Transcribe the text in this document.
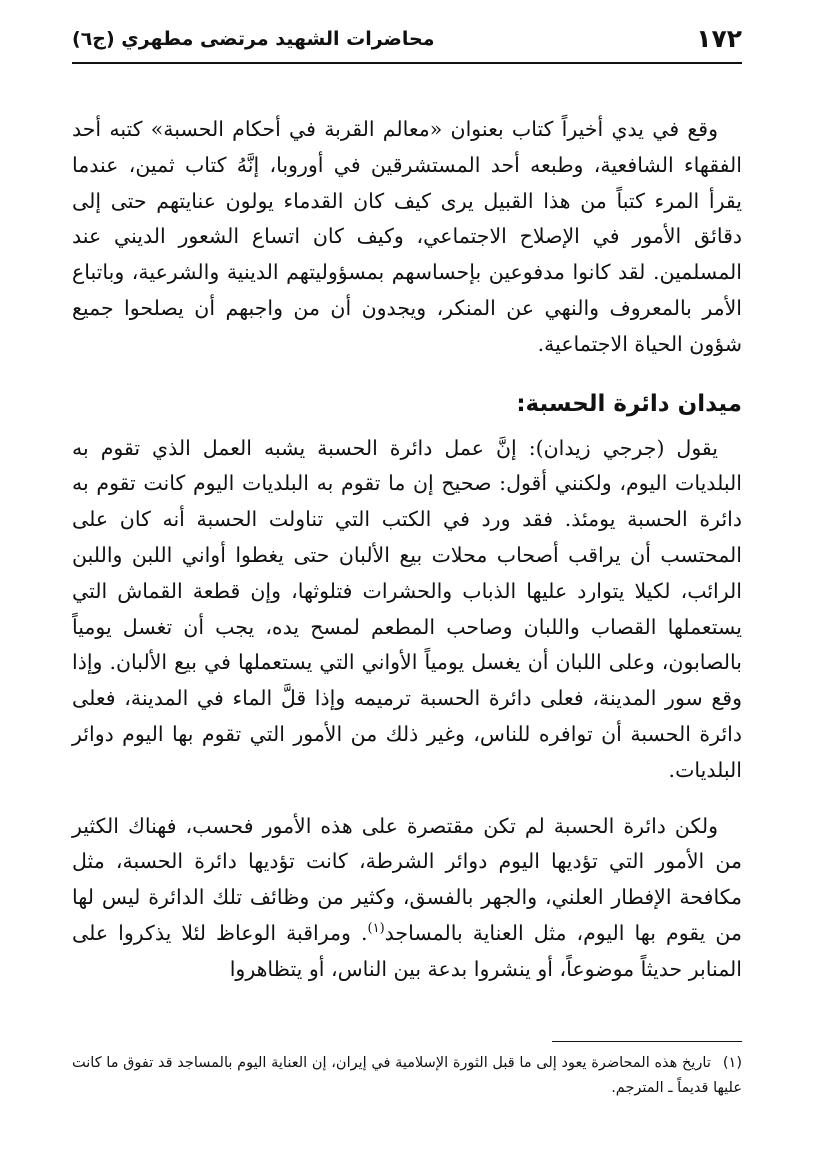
١٧٢
محاضرات الشهيد مرتضى مطهري (ج٦)

وقع في يدي أخيراً كتاب بعنوان «معالم القربة في أحكام الحسبة» كتبه أحد الفقهاء الشافعية، وطبعه أحد المستشرقين في أوروبا، إنَّهُ كتاب ثمين، عندما يقرأ المرء كتباً من هذا القبيل يرى كيف كان القدماء يولون عنايتهم حتى إلى دقائق الأمور في الإصلاح الاجتماعي، وكيف كان اتساع الشعور الديني عند المسلمين. لقد كانوا مدفوعين بإحساسهم بمسؤوليتهم الدينية والشرعية، وباتباع الأمر بالمعروف والنهي عن المنكر، ويجدون أن من واجبهم أن يصلحوا جميع شؤون الحياة الاجتماعية.

ميدان دائرة الحسبة:

يقول (جرجي زيدان): إنَّ عمل دائرة الحسبة يشبه العمل الذي تقوم به البلديات اليوم، ولكنني أقول: صحيح إن ما تقوم به البلديات اليوم كانت تقوم به دائرة الحسبة يومئذ. فقد ورد في الكتب التي تناولت الحسبة أنه كان على المحتسب أن يراقب أصحاب محلات بيع الألبان حتى يغطوا أواني اللبن واللبن الرائب، لكيلا يتوارد عليها الذباب والحشرات فتلوثها، وإن قطعة القماش التي يستعملها القصاب واللبان وصاحب المطعم لمسح يده، يجب أن تغسل يومياً بالصابون، وعلى اللبان أن يغسل يومياً الأواني التي يستعملها في بيع الألبان. وإذا وقع سور المدينة، فعلى دائرة الحسبة ترميمه وإذا قلَّ الماء في المدينة، فعلى دائرة الحسبة أن توافره للناس، وغير ذلك من الأمور التي تقوم بها اليوم دوائر البلديات.

ولكن دائرة الحسبة لم تكن مقتصرة على هذه الأمور فحسب، فهناك الكثير من الأمور التي تؤديها اليوم دوائر الشرطة، كانت تؤديها دائرة الحسبة، مثل مكافحة الإفطار العلني، والجهر بالفسق، وكثير من وظائف تلك الدائرة ليس لها من يقوم بها اليوم، مثل العناية بالمساجد$^{(١)}$. ومراقبة الوعاظ لئلا يذكروا على المنابر حديثاً موضوعاً، أو ينشروا بدعة بين الناس، أو يتظاهروا

(١)تاريخ هذه المحاضرة يعود إلى ما قبل الثورة الإسلامية في إيران، إن العناية اليوم بالمساجد قد تفوق ما كانت عليها قديماً ـ المترجم.
